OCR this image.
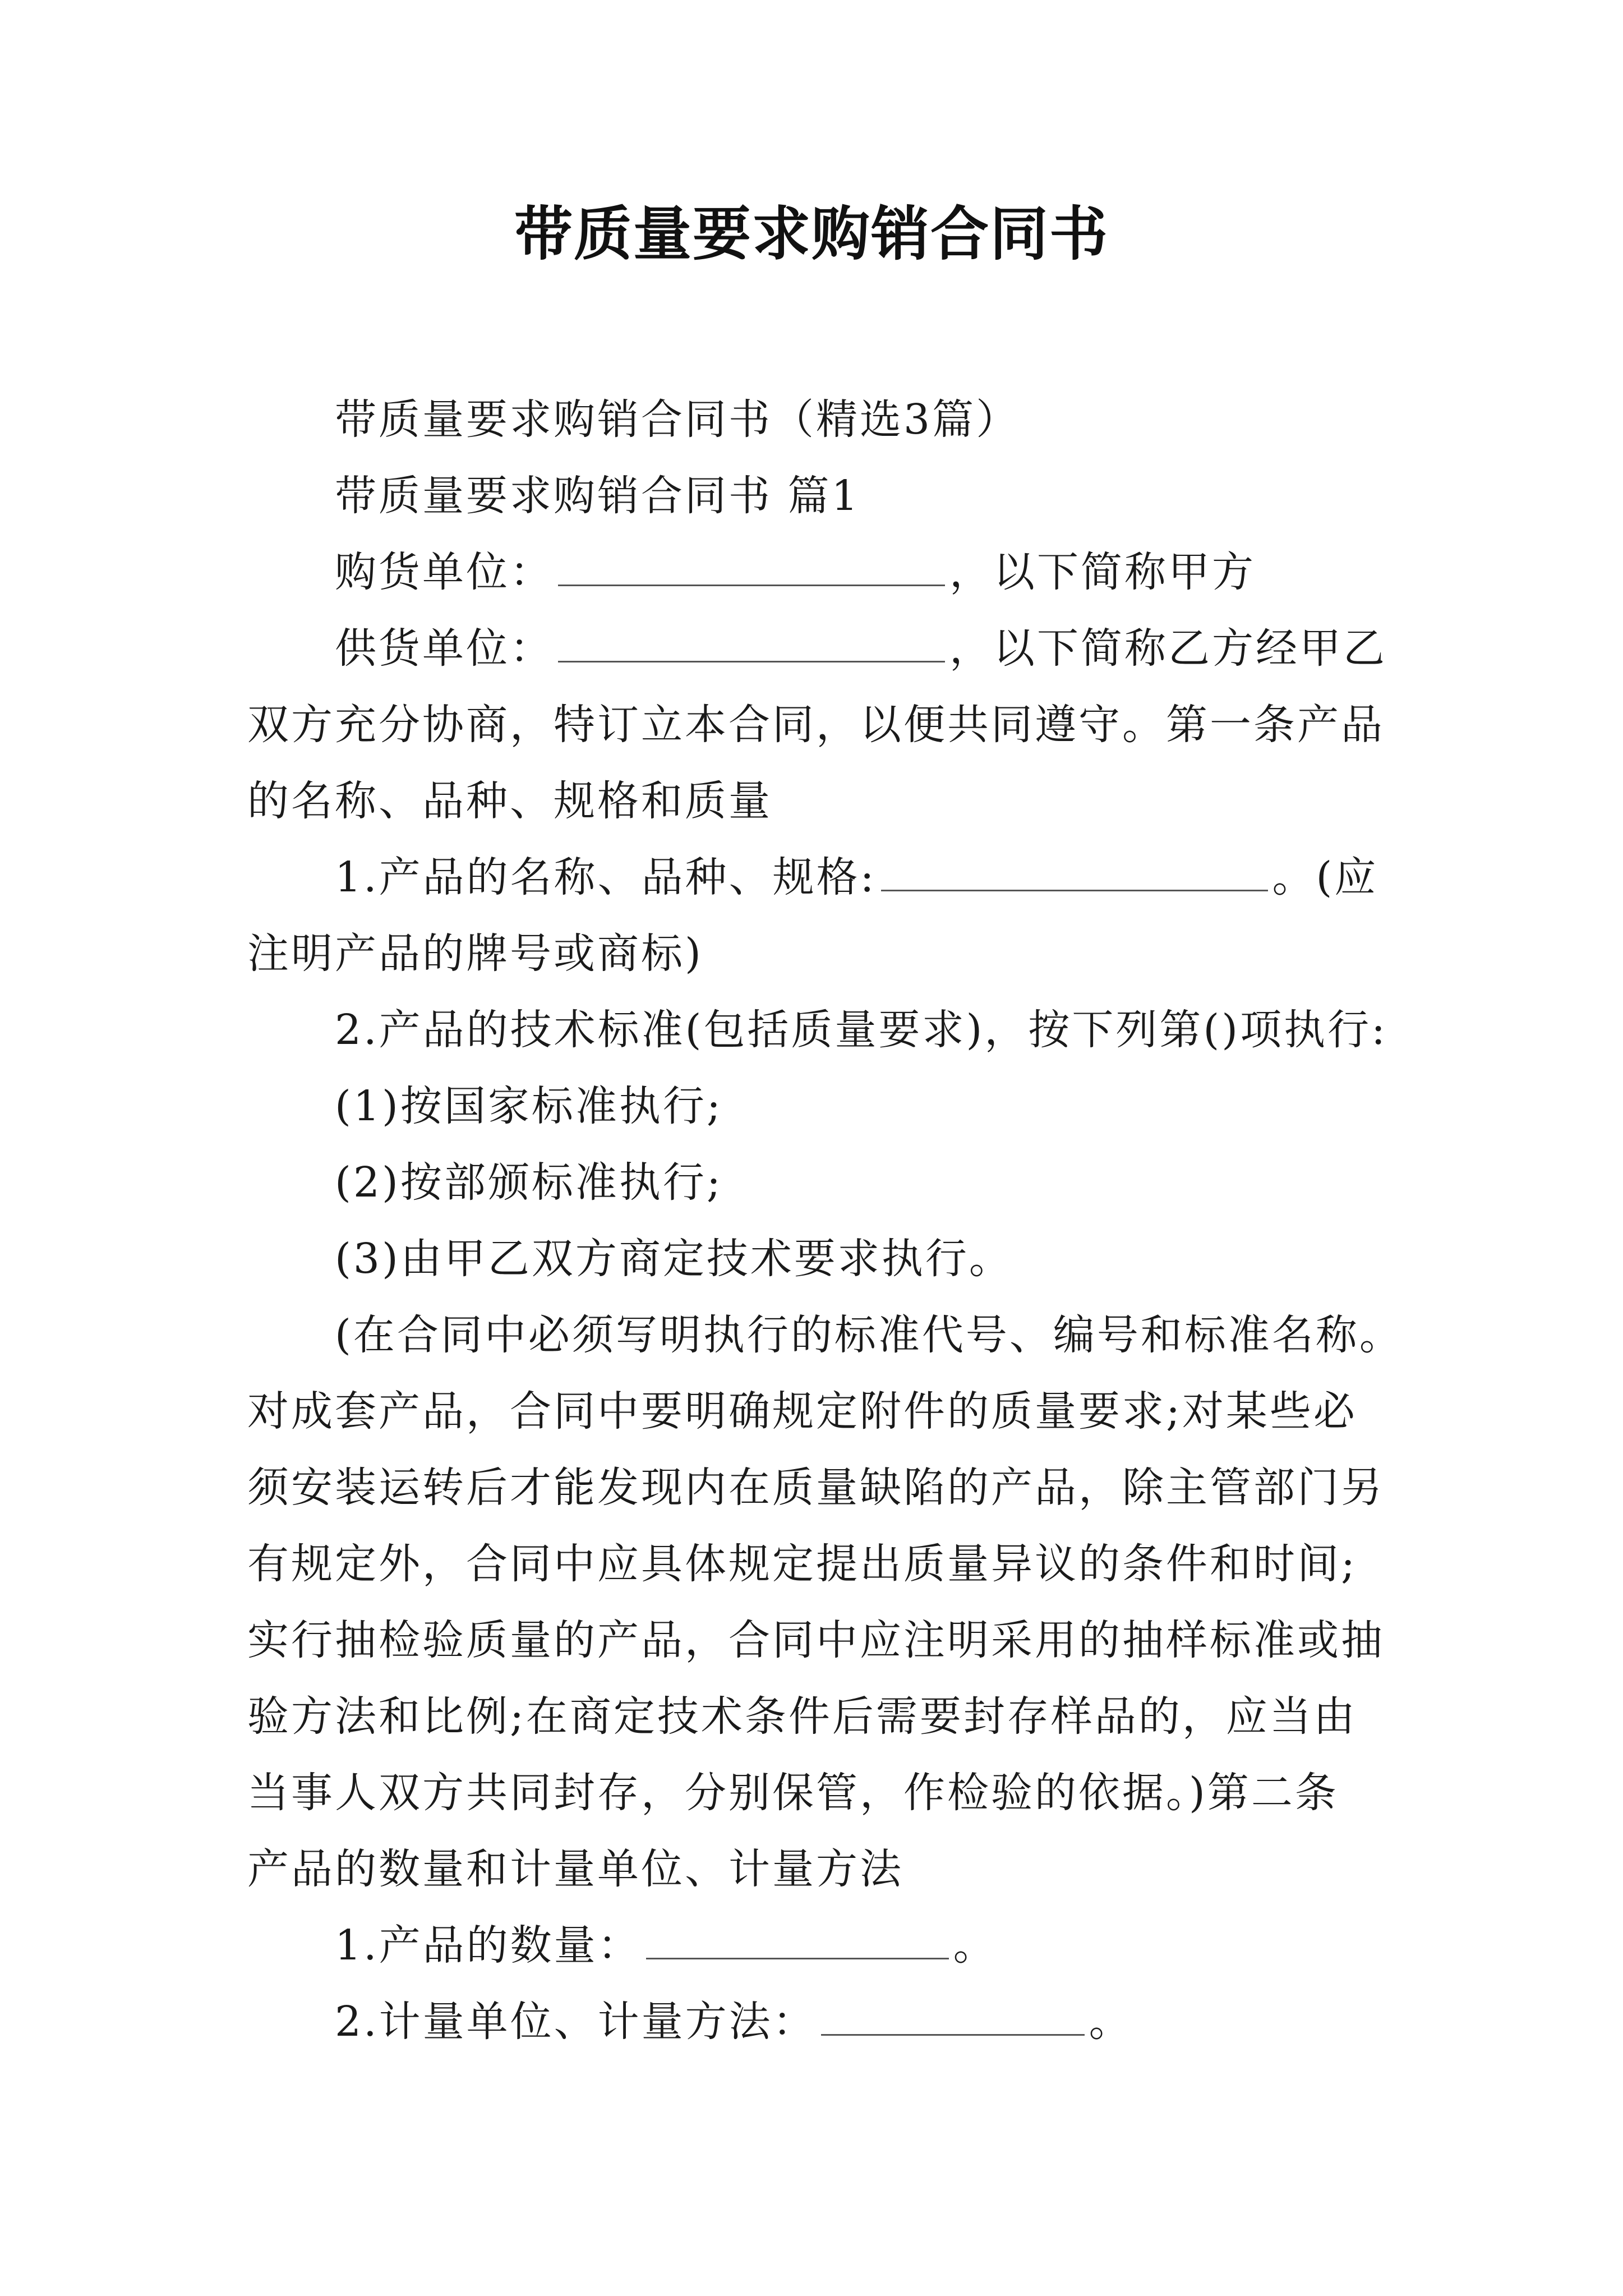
带质量要求购销合同书
带质量要求购销合同书（精选3篇）
带质量要求购销合同书 篇1
购货单位：	，以下简称甲方
供货单位：	，以下简称乙方经甲乙
双方充分协商，特订立本合同，以便共同遵守。第一条产品
的名称、品种、规格和质量
1.产品的名称、品种、规格:	。(应
注明产品的牌号或商标)
2.产品的技术标准(包括质量要求)，按下列第()项执行:
(1)按国家标准执行;
(2)按部颁标准执行;
(3)由甲乙双方商定技术要求执行。
(在合同中必须写明执行的标准代号、编号和标准名称。
对成套产品，合同中要明确规定附件的质量要求;对某些必
须安装运转后才能发现内在质量缺陷的产品，除主管部门另
有规定外，合同中应具体规定提出质量异议的条件和时间;
实行抽检验质量的产品，合同中应注明采用的抽样标准或抽
验方法和比例;在商定技术条件后需要封存样品的，应当由
当事人双方共同封存，分别保管，作检验的依据。)第二条
产品的数量和计量单位、计量方法
1.产品的数量：	。
2.计量单位、计量方法：	。
